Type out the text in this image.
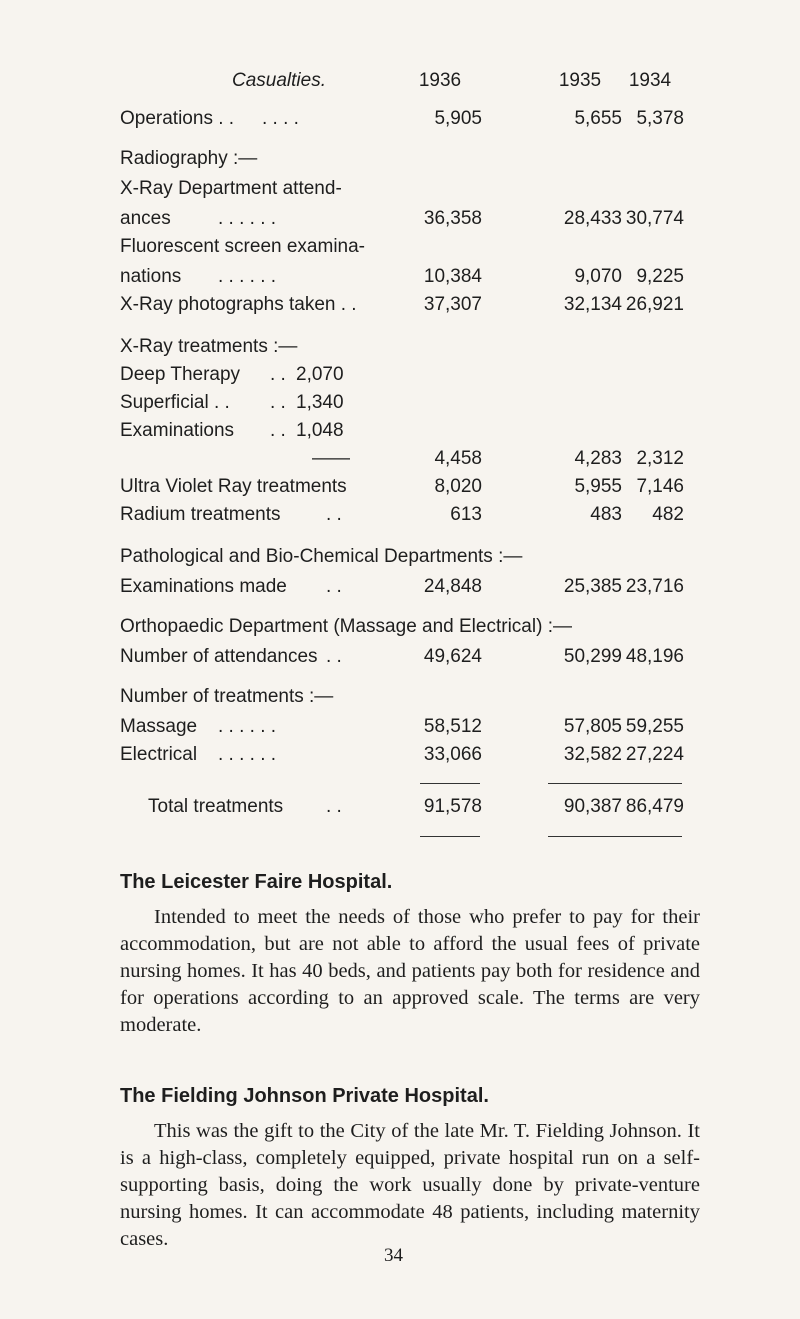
Casualties.	1936	1935	1934
Operations . . . . . .	5,905	5,655 5,378
Radiography :—
X-Ray Department attend-
ances . . . . . .	36,358	28,433 30,774
Fluorescent screen examina-
nations . . . . . .	10,384	9,070 9,225
X-Ray photographs taken . .	37,307	32,134 26,921
X-Ray treatments :—
Deep Therapy . . 2,070
Superficial . . . . 1,340
Examinations . . 1,048
——	4,458	4,283 2,312
Ultra Violet Ray treatments	8,020	5,955 7,146
Radium treatments . .	613	483	482
Pathological and Bio-Chemical Departments :—
Examinations made . .	24,848	25,385 23,716
Orthopaedic Department (Massage and Electrical) :—
Number of attendances . .	49,624	50,299 48,196
Number of treatments :—
Massage . . . . . .	58,512	57,805 59,255
Electrical . . . . . .	33,066	32,582 27,224
Total treatments . .	91,578	90,387 86,479
The Leicester Faire Hospital.
Intended to meet the needs of those who prefer to pay for their accommodation, but are not able to afford the usual fees of private nursing homes. It has 40 beds, and patients pay both for residence and for operations according to an approved scale. The terms are very moderate.
The Fielding Johnson Private Hospital.
This was the gift to the City of the late Mr. T. Fielding Johnson. It is a high-class, completely equipped, private hospital run on a self-supporting basis, doing the work usually done by private-venture nursing homes. It can accommodate 48 patients, including maternity cases.
34
